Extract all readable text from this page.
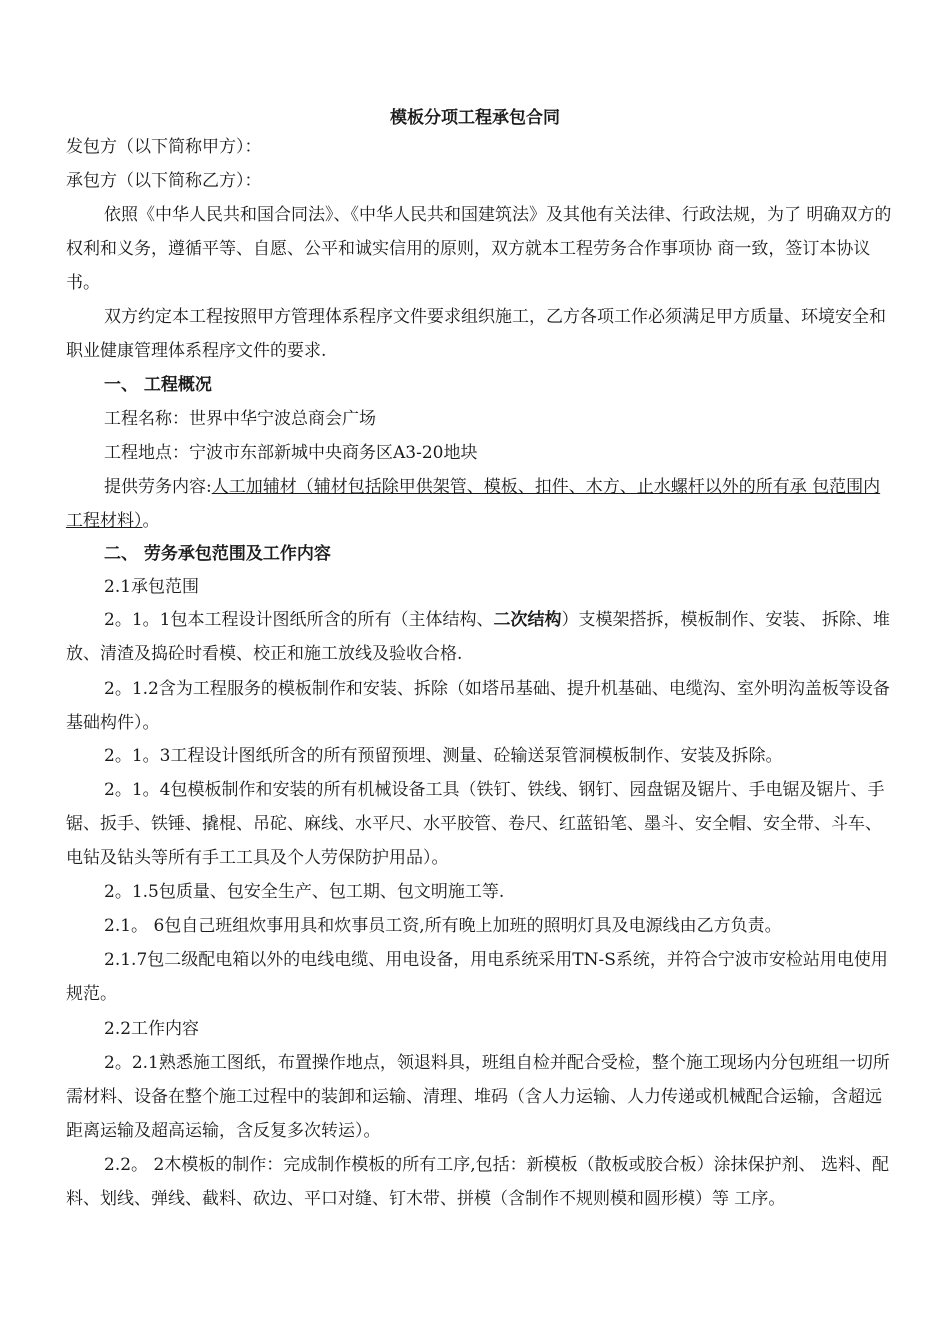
模板分项工程承包合同

发包方（以下简称甲方）：

承包方（以下简称乙方）：

依照《中华人民共和国合同法》、《中华人民共和国建筑法》及其他有关法律、行政法规，为了 明确双方的权利和义务，遵循平等、自愿、公平和诚实信用的原则，双方就本工程劳务合作事项协 商一致，签订本协议书。

双方约定本工程按照甲方管理体系程序文件要求组织施工，乙方各项工作必须满足甲方质量、环境安全和职业健康管理体系程序文件的要求.

一、 工程概况

工程名称：世界中华宁波总商会广场

工程地点：宁波市东部新城中央商务区A3-20地块

提供劳务内容:人工加辅材（辅材包括除甲供架管、模板、扣件、木方、止水螺杆以外的所有承 包范围内工程材料）。

二、 劳务承包范围及工作内容

2.1承包范围

2。1。1包本工程设计图纸所含的所有（主体结构、二次结构）支模架搭拆，模板制作、安装、 拆除、堆放、清渣及捣砼时看模、校正和施工放线及验收合格.

2。1.2含为工程服务的模板制作和安装、拆除（如塔吊基础、提升机基础、电缆沟、室外明沟盖板等设备基础构件）。

2。1。3工程设计图纸所含的所有预留预埋、测量、砼输送泵管洞模板制作、安装及拆除。

2。1。4包模板制作和安装的所有机械设备工具（铁钉、铁线、钢钉、园盘锯及锯片、手电锯及锯片、手锯、扳手、铁锤、撬棍、吊砣、麻线、水平尺、水平胶管、卷尺、红蓝铅笔、墨斗、安全帽、安全带、斗车、电钻及钻头等所有手工工具及个人劳保防护用品）。

2。1.5包质量、包安全生产、包工期、包文明施工等.

2.1。 6包自己班组炊事用具和炊事员工资,所有晚上加班的照明灯具及电源线由乙方负责。

2.1.7包二级配电箱以外的电线电缆、用电设备，用电系统采用TN-S系统，并符合宁波市安检站用电使用规范。

2.2工作内容

2。2.1熟悉施工图纸，布置操作地点，领退料具，班组自检并配合受检，整个施工现场内分包班组一切所需材料、设备在整个施工过程中的装卸和运输、清理、堆码（含人力运输、人力传递或机械配合运输，含超远距离运输及超高运输，含反复多次转运）。

2.2。 2木模板的制作：完成制作模板的所有工序,包括：新模板（散板或胶合板）涂抹保护剂、 选料、配料、划线、弹线、截料、砍边、平口对缝、钉木带、拼模（含制作不规则模和圆形模）等 工序。
